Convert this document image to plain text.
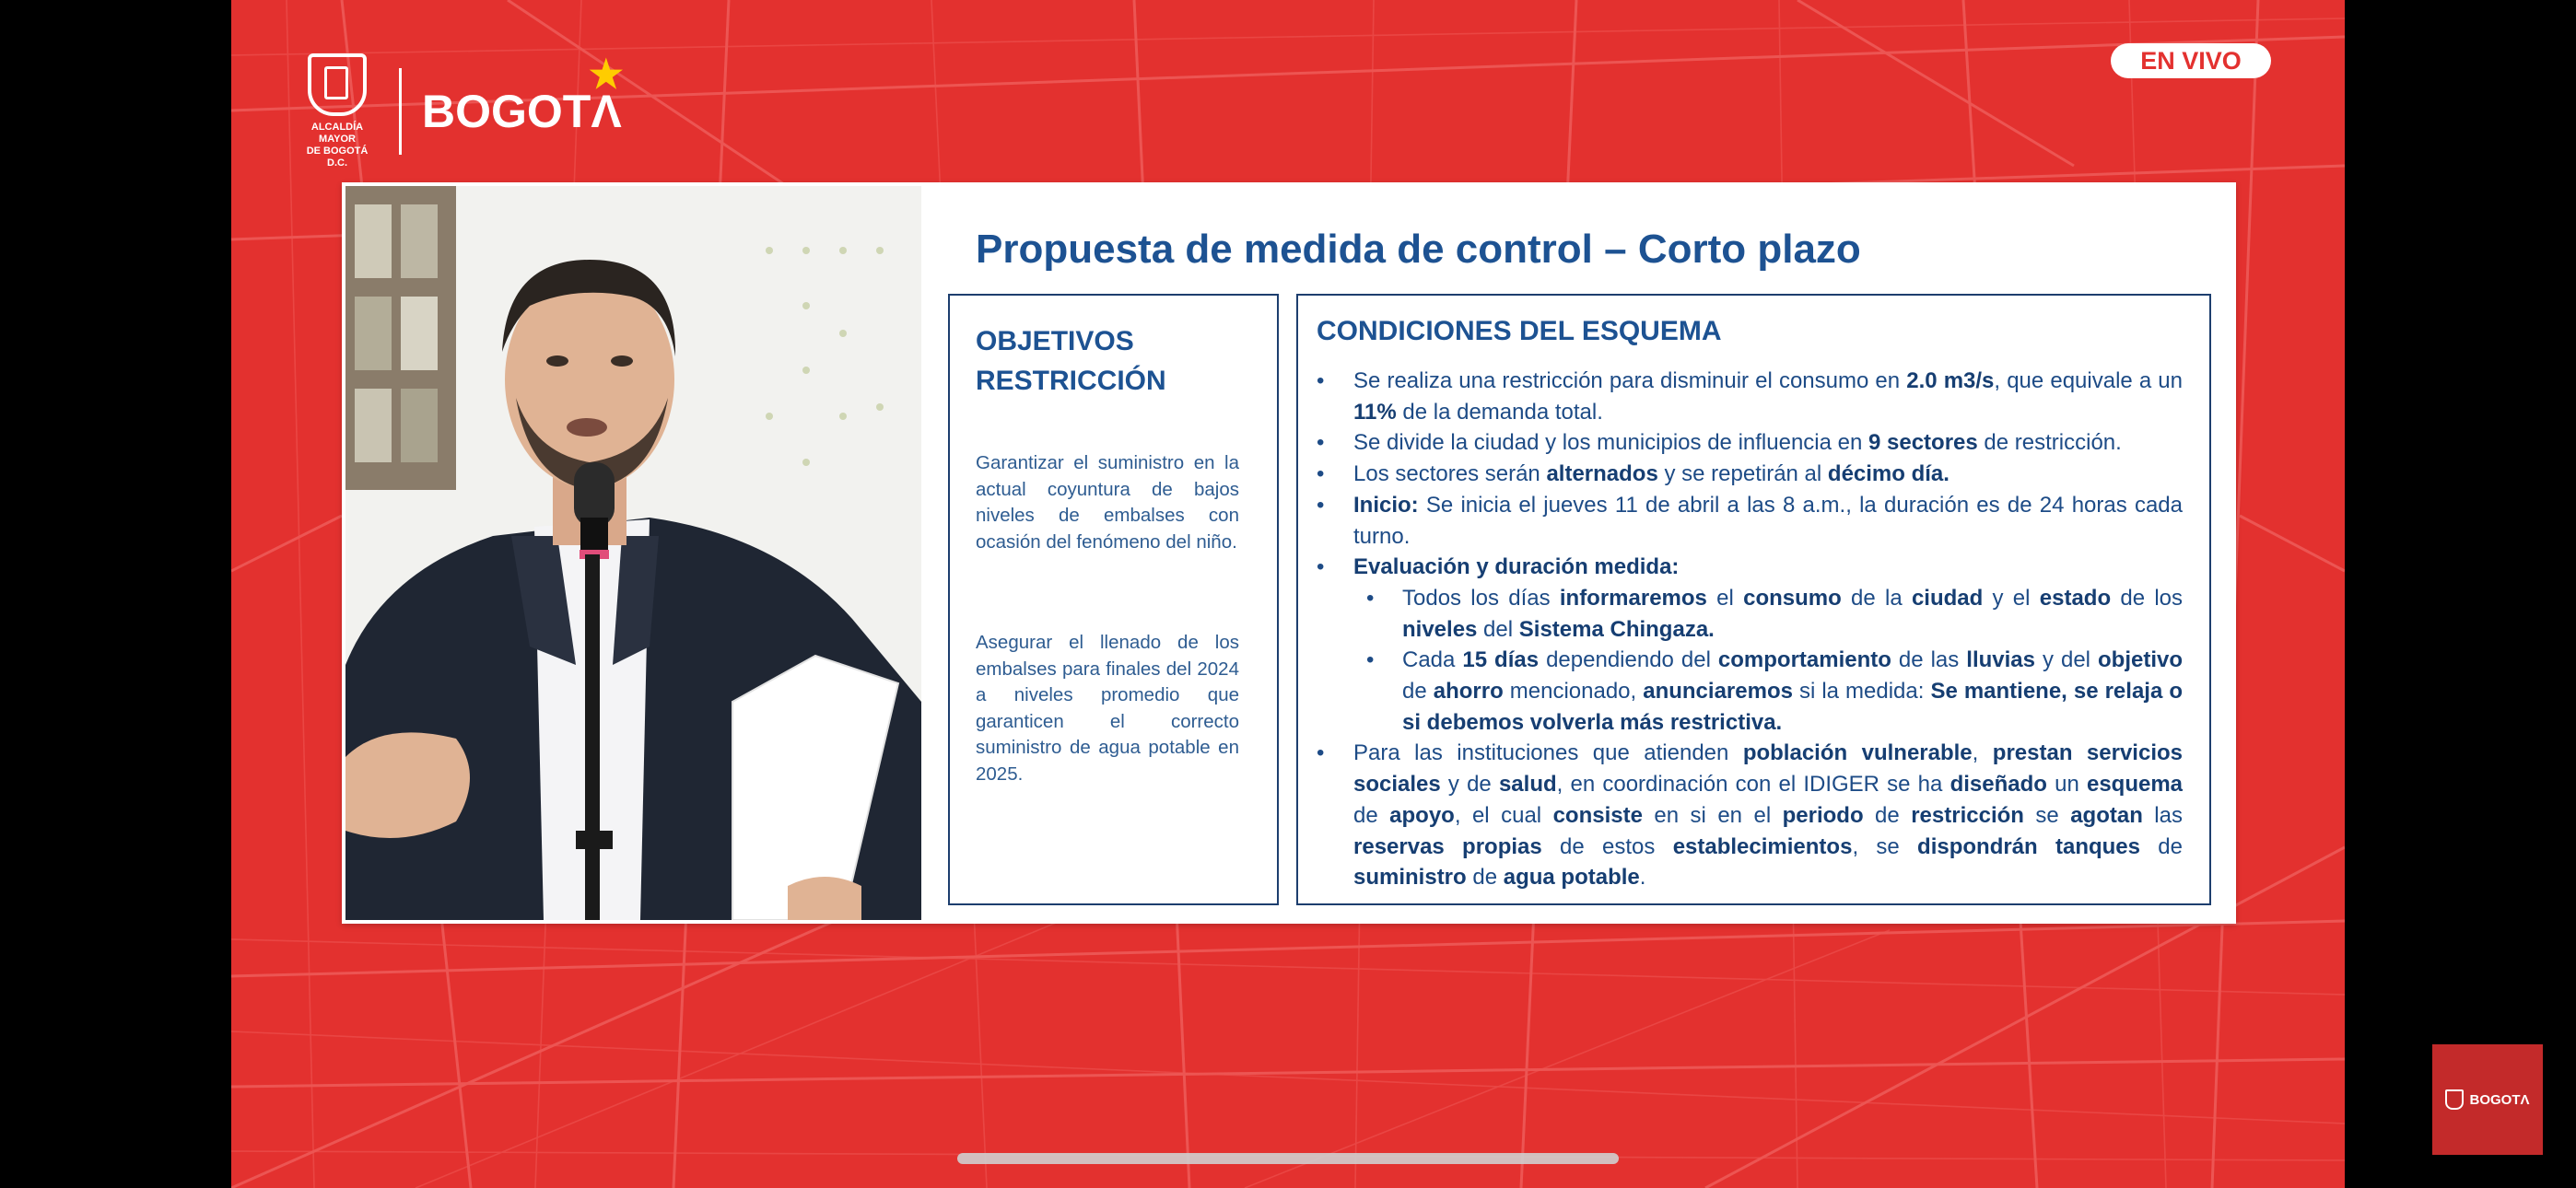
ALCALDÍA MAYOR
DE BOGOTÁ D.C.
BOGOTΛ
★	EN VIVO
Propuesta de medida de control – Corto plazo
OBJETIVOS
RESTRICCIÓN
Garantizar el suministro en la actual coyuntura de bajos niveles de embalses con ocasión del fenómeno del niño.
Asegurar el llenado de los embalses para finales del 2024 a niveles promedio que garanticen el correcto suministro de agua potable en 2025.
CONDICIONES DEL ESQUEMA
• Se realiza una restricción para disminuir el consumo en 2.0 m3/s, que equivale a un 11% de la demanda total.
• Se divide la ciudad y los municipios de influencia en 9 sectores de restricción.
• Los sectores serán alternados y se repetirán al décimo día.
• Inicio: Se inicia el jueves 11 de abril a las 8 a.m., la duración es de 24 horas cada turno.
• Evaluación y duración medida:
• Todos los días informaremos el consumo de la ciudad y el estado de los niveles del Sistema Chingaza.
• Cada 15 días dependiendo del comportamiento de las lluvias y del objetivo de ahorro mencionado, anunciaremos si la medida: Se mantiene, se relaja o si debemos volverla más restrictiva.
• Para las instituciones que atienden población vulnerable, prestan servicios sociales y de salud, en coordinación con el IDIGER se ha diseñado un esquema de apoyo, el cual consiste en si en el periodo de restricción se agotan las reservas propias de estos establecimientos, se dispondrán tanques de suministro de agua potable.
BOGOTΛ
